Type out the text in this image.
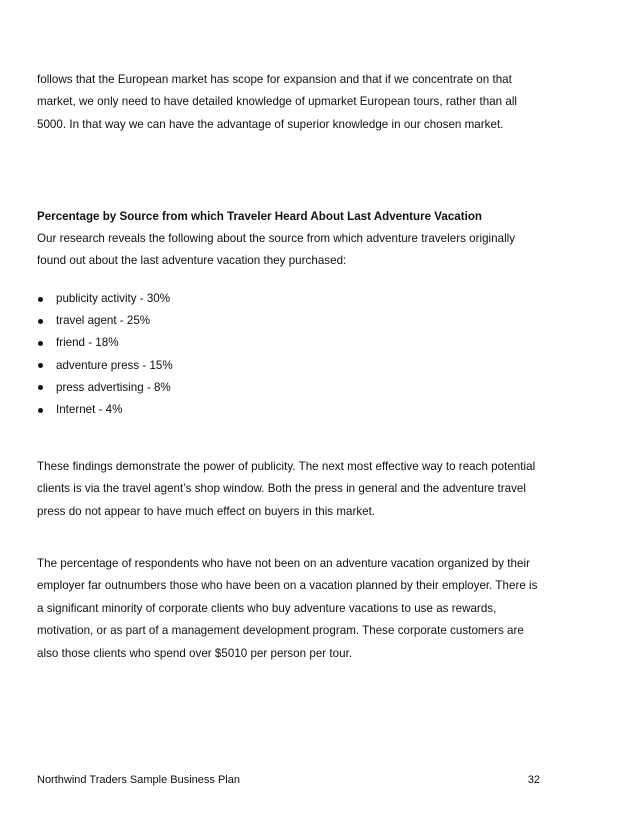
follows that the European market has scope for expansion and that if we concentrate on that
market, we only need to have detailed knowledge of upmarket European tours, rather than all
5000. In that way we can have the advantage of superior knowledge in our chosen market.
Percentage by Source from which Traveler Heard About Last Adventure Vacation
Our research reveals the following about the source from which adventure travelers originally
found out about the last adventure vacation they purchased:
publicity activity - 30%
travel agent - 25%
friend - 18%
adventure press - 15%
press advertising - 8%
Internet - 4%
These findings demonstrate the power of publicity. The next most effective way to reach potential
clients is via the travel agent’s shop window. Both the press in general and the adventure travel
press do not appear to have much effect on buyers in this market.
The percentage of respondents who have not been on an adventure vacation organized by their
employer far outnumbers those who have been on a vacation planned by their employer. There is
a significant minority of corporate clients who buy adventure vacations to use as rewards,
motivation, or as part of a management development program. These corporate customers are
also those clients who spend over $5010 per person per tour.
Northwind Traders Sample Business Plan	32
